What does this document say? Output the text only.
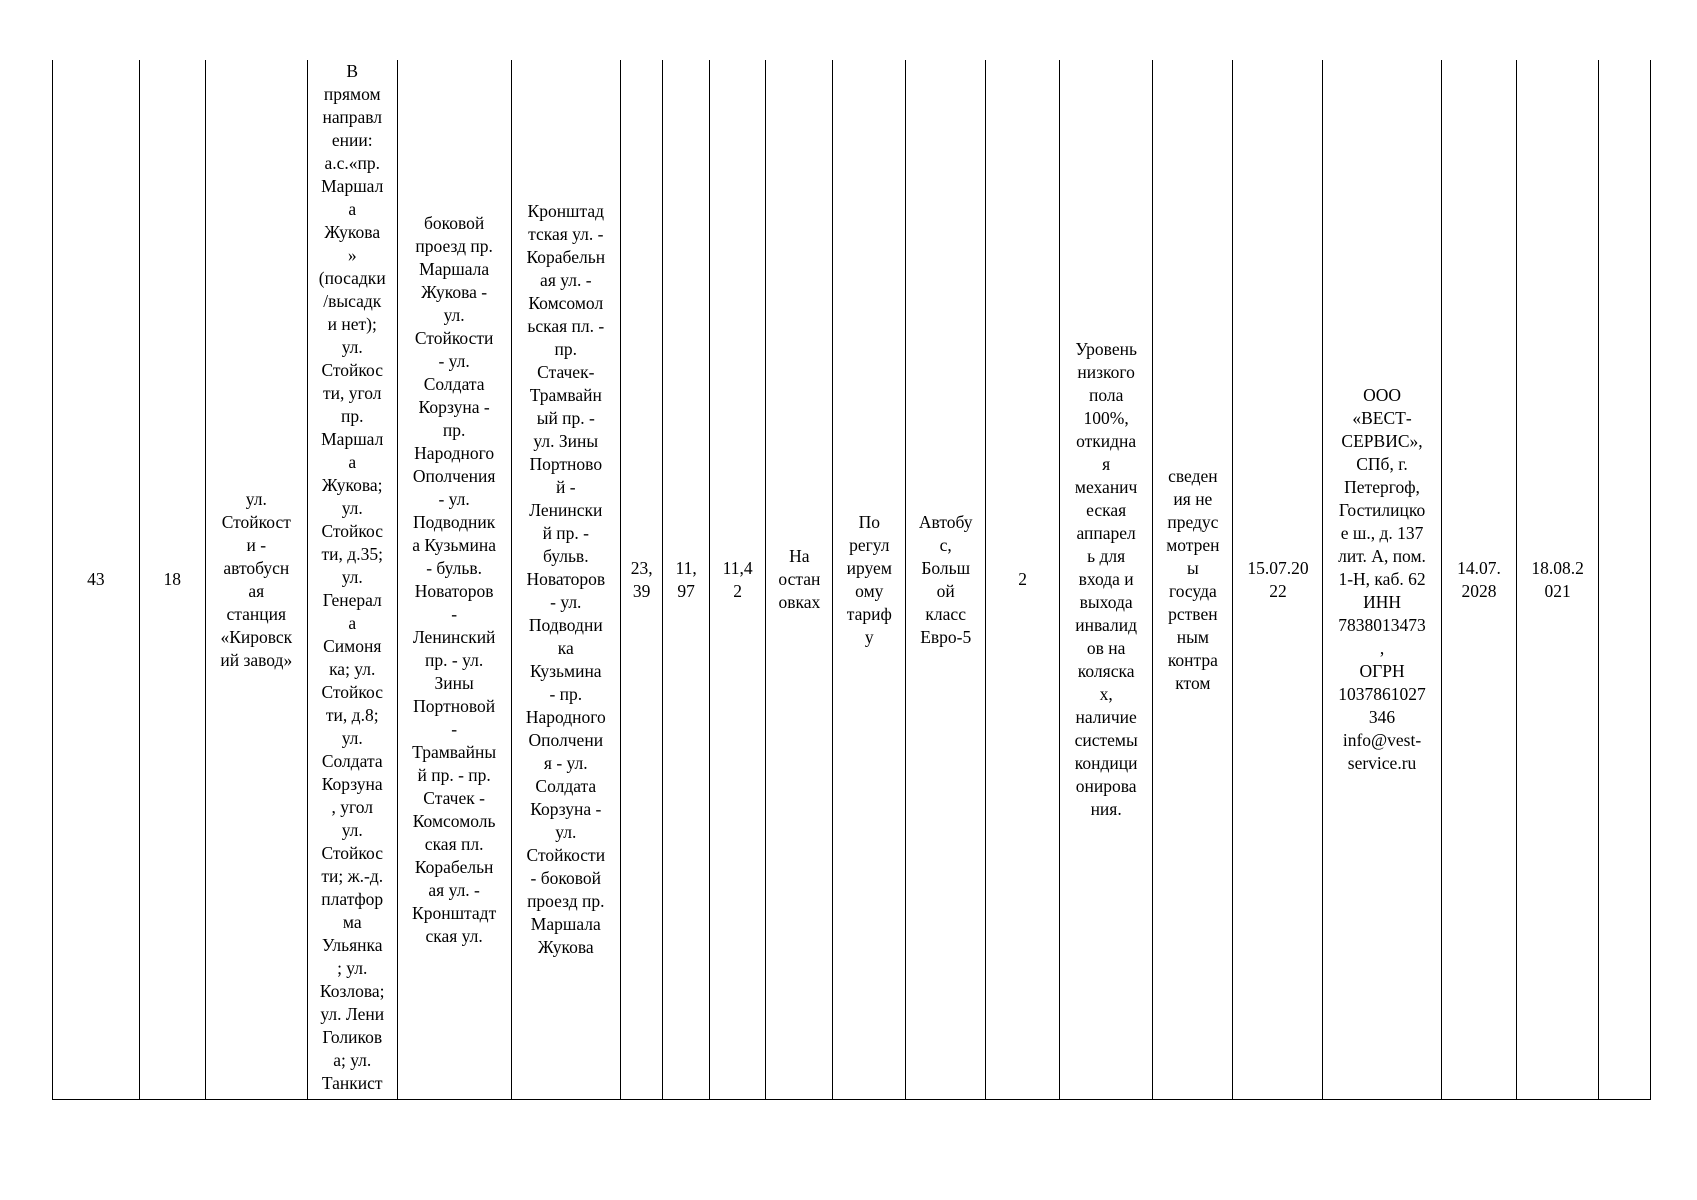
43	18	ул.
Стойкост
и -
автобусн
ая
станция
«Кировск
ий завод»	В
прямом
направл
ении:
а.с.«пр.
Маршал
а
Жукова
»
(посадки
/высадк
и нет);
ул.
Стойкос
ти, угол
пр.
Маршал
а
Жукова;
ул.
Стойкос
ти, д.35;
ул.
Генерал
а
Симоня
ка; ул.
Стойкос
ти, д.8;
ул.
Солдата
Корзуна
, угол
ул.
Стойкос
ти; ж.-д.
платфор
ма
Ульянка
; ул.
Козлова;
ул. Лени
Голиков
а; ул.
Танкист	боковой
проезд пр.
Маршала
Жукова -
ул.
Стойкости
- ул.
Солдата
Корзуна -
пр.
Народного
Ополчения
- ул.
Подводник
а Кузьмина
- бульв.
Новаторов
-
Ленинский
пр. - ул.
Зины
Портновой
-
Трамвайны
й пр. - пр.
Стачек -
Комсомоль
ская пл.
Корабельн
ая ул. -
Кронштадт
ская ул.	Кронштад
тская ул. -
Корабельн
ая ул. -
Комсомол
ьская пл. -
пр.
Стачек-
Трамвайн
ый пр. -
ул. Зины
Портново
й -
Ленински
й пр. -
бульв.
Новаторов
- ул.
Подводни
ка
Кузьмина
- пр.
Народного
Ополчени
я - ул.
Солдата
Корзуна -
ул.
Стойкости
- боковой
проезд пр.
Маршала
Жукова	23,
39	11,
97	11,4
2	На
остан
овках	По
регул
ируем
ому
тариф
у	Автобу
с,
Больш
ой
класс
Евро-5	2	Уровень
низкого
пола
100%,
откидна
я
механич
еская
аппарел
ь для
входа и
выхода
инвалид
ов на
коляска
х,
наличие
системы
кондици
онирова
ния.	сведен
ия не
предус
мотрен
ы
госуда
рствен
ным
контра
ктом	15.07.20
22	ООО
«ВЕСТ-
СЕРВИС»,
СПб, г.
Петергоф,
Гостилицко
е ш., д. 137
лит. А, пом.
1-Н, каб. 62
ИНН
7838013473
,
ОГРН
1037861027
346
info@vest-
service.ru	14.07.
2028	18.08.2
021	
